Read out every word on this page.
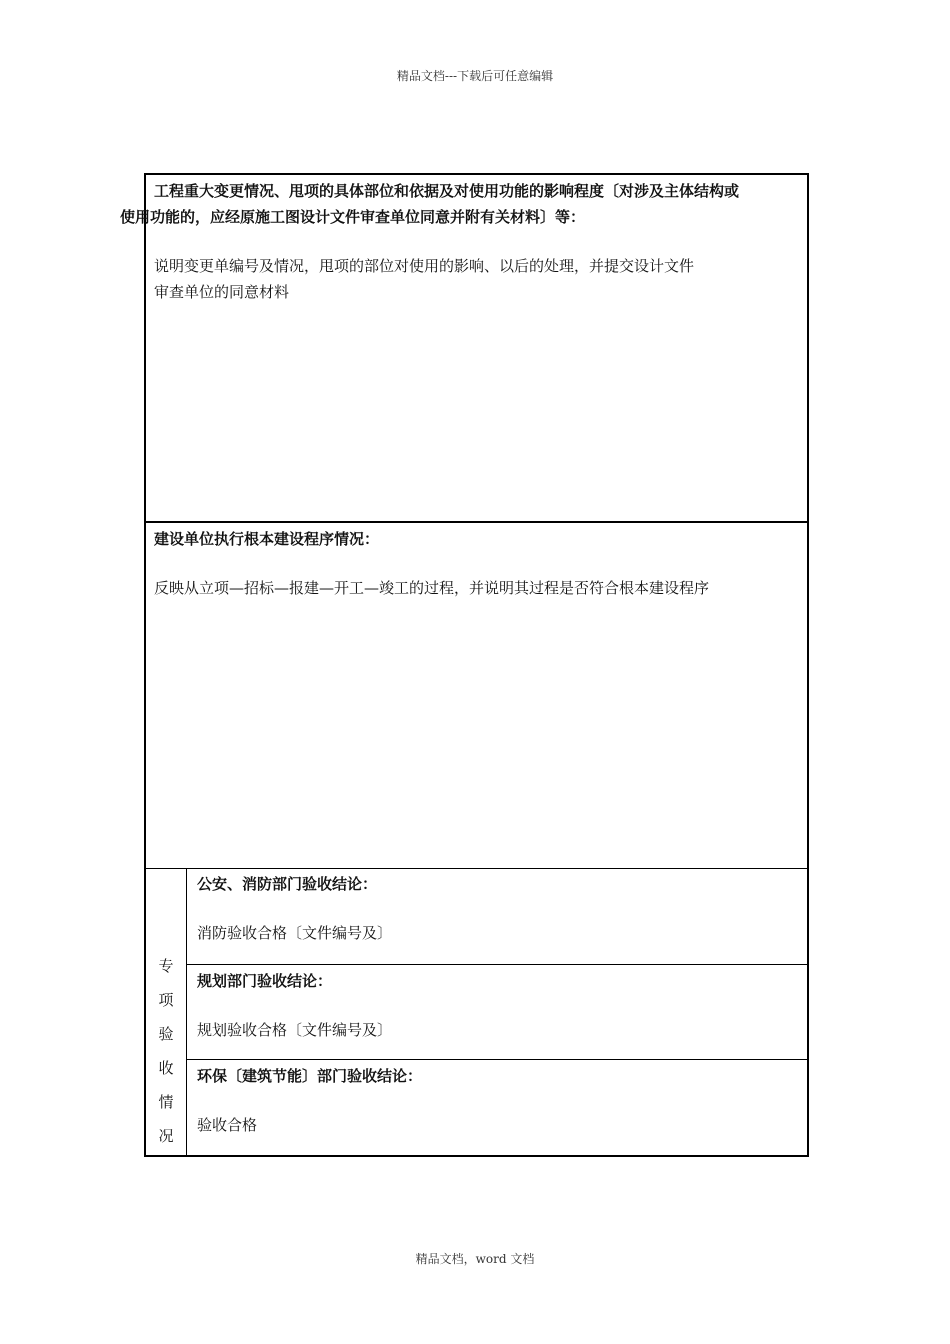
精品文档---下载后可任意编辑
工程重大变更情况、甩项的具体部位和依据及对使用功能的影响程度〔对涉及主体结构或
使用功能的，应经原施工图设计文件审查单位同意并附有关材料〕等：
说明变更单编号及情况，甩项的部位对使用的影响、以后的处理，并提交设计文件
审查单位的同意材料
建设单位执行根本建设程序情况：
反映从立项—招标—报建—开工—竣工的过程，并说明其过程是否符合根本建设程序
专
项
验
收
情
况
公安、消防部门验收结论：
消防验收合格〔文件编号及〕
规划部门验收结论：
规划验收合格〔文件编号及〕
环保〔建筑节能〕部门验收结论：
验收合格
精品文档，word 文档
